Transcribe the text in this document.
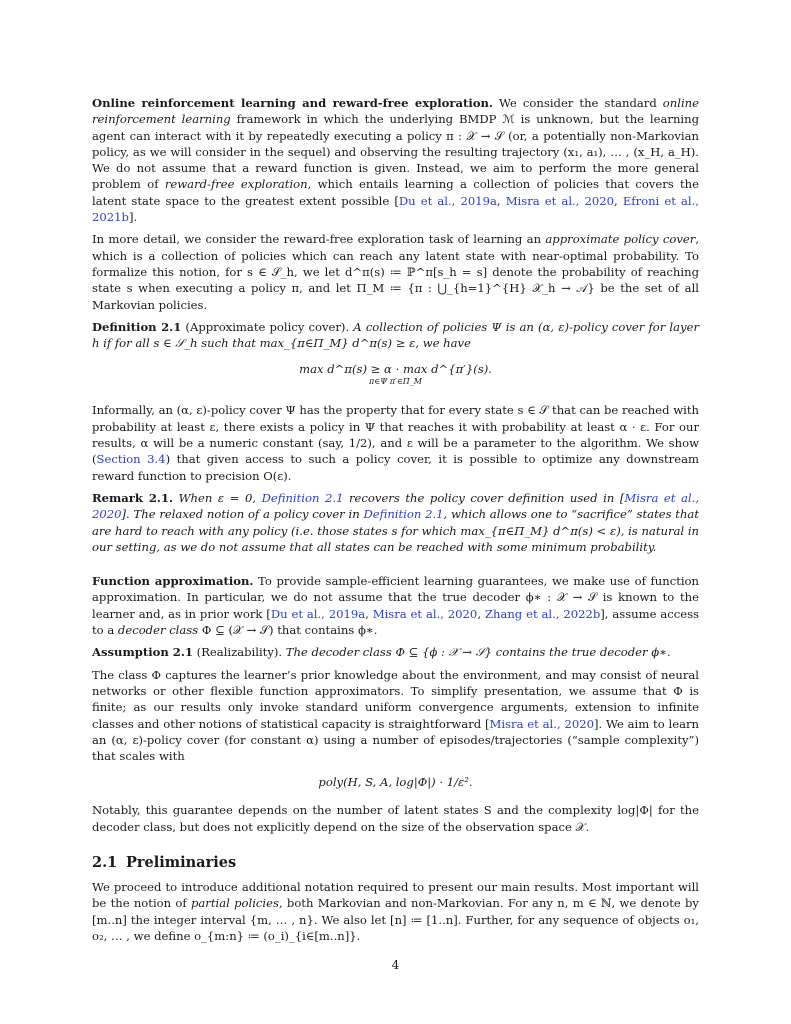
Online reinforcement learning and reward-free exploration. We consider the standard online reinforcement learning framework in which the underlying BMDP ℳ is unknown, but the learning agent can interact with it by repeatedly executing a policy π : 𝒳 → 𝒮 (or, a potentially non-Markovian policy, as we will consider in the sequel) and observing the resulting trajectory (x₁, a₁), … , (x_H, a_H). We do not assume that a reward function is given. Instead, we aim to perform the more general problem of reward-free exploration, which entails learning a collection of policies that covers the latent state space to the greatest extent possible [Du et al., 2019a, Misra et al., 2020, Efroni et al., 2021b].

In more detail, we consider the reward-free exploration task of learning an approximate policy cover, which is a collection of policies which can reach any latent state with near-optimal probability. To formalize this notion, for s ∈ 𝒮_h, we let d^π(s) ≔ ℙ^π[s_h = s] denote the probability of reaching state s when executing a policy π, and let Π_M ≔ {π : ⋃_{h=1}^{H} 𝒳_h → 𝒜} be the set of all Markovian policies.

Definition 2.1 (Approximate policy cover). A collection of policies Ψ is an (α, ε)-policy cover for layer h if for all s ∈ 𝒮_h such that max_{π∈Π_M} d^π(s) ≥ ε, we have

max d^π(s) ≥ α · max d^{π′}(s).
π∈Ψ π′∈Π_M

Informally, an (α, ε)-policy cover Ψ has the property that for every state s ∈ 𝒮 that can be reached with probability at least ε, there exists a policy in Ψ that reaches it with probability at least α · ε. For our results, α will be a numeric constant (say, 1/2), and ε will be a parameter to the algorithm. We show (Section 3.4) that given access to such a policy cover, it is possible to optimize any downstream reward function to precision O(ε).

Remark 2.1. When ε = 0, Definition 2.1 recovers the policy cover definition used in [Misra et al., 2020]. The relaxed notion of a policy cover in Definition 2.1, which allows one to “sacrifice” states that are hard to reach with any policy (i.e. those states s for which max_{π∈Π_M} d^π(s) < ε), is natural in our setting, as we do not assume that all states can be reached with some minimum probability.

Function approximation. To provide sample-efficient learning guarantees, we make use of function approximation. In particular, we do not assume that the true decoder ϕ∗ : 𝒳 → 𝒮 is known to the learner and, as in prior work [Du et al., 2019a, Misra et al., 2020, Zhang et al., 2022b], assume access to a decoder class Φ ⊆ (𝒳 → 𝒮) that contains ϕ∗.

Assumption 2.1 (Realizability). The decoder class Φ ⊆ {ϕ : 𝒳 → 𝒮} contains the true decoder ϕ∗.

The class Φ captures the learner’s prior knowledge about the environment, and may consist of neural networks or other flexible function approximators. To simplify presentation, we assume that Φ is finite; as our results only invoke standard uniform convergence arguments, extension to infinite classes and other notions of statistical capacity is straightforward [Misra et al., 2020]. We aim to learn an (α, ε)-policy cover (for constant α) using a number of episodes/trajectories (“sample complexity”) that scales with

poly(H, S, A, log|Φ|) · 1/ε².

Notably, this guarantee depends on the number of latent states S and the complexity log|Φ| for the decoder class, but does not explicitly depend on the size of the observation space 𝒳.

2.1 Preliminaries

We proceed to introduce additional notation required to present our main results. Most important will be the notion of partial policies, both Markovian and non-Markovian. For any n, m ∈ ℕ, we denote by [m..n] the integer interval {m, … , n}. We also let [n] ≔ [1..n]. Further, for any sequence of objects o₁, o₂, … , we define o_{m:n} ≔ (o_i)_{i∈[m..n]}.

4
